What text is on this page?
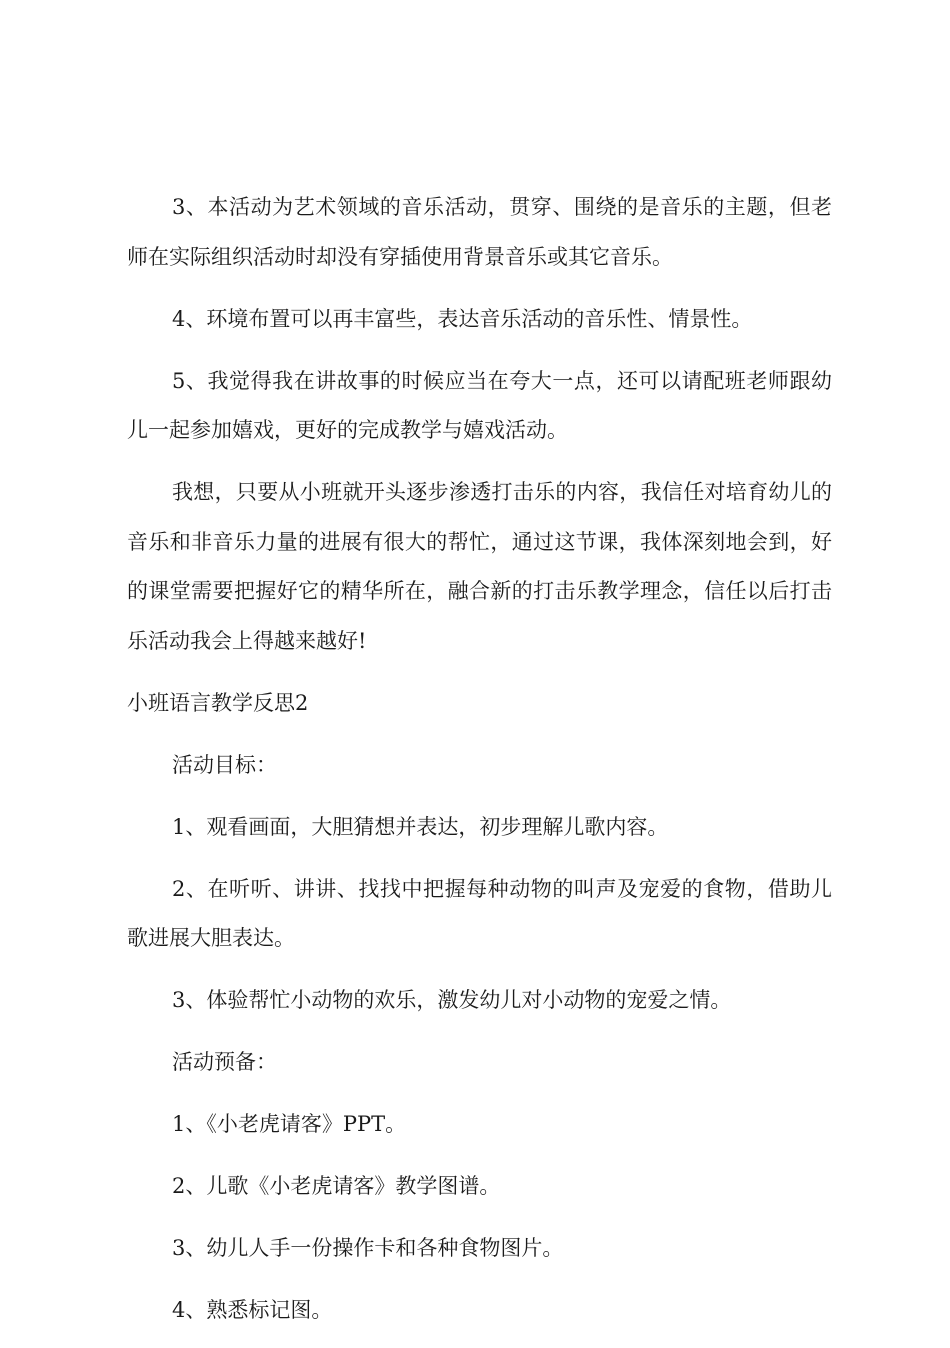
3、本活动为艺术领域的音乐活动，贯穿、围绕的是音乐的主题，但老师在实际组织活动时却没有穿插使用背景音乐或其它音乐。

4、环境布置可以再丰富些，表达音乐活动的音乐性、情景性。

5、我觉得我在讲故事的时候应当在夸大一点，还可以请配班老师跟幼儿一起参加嬉戏，更好的完成教学与嬉戏活动。

我想，只要从小班就开头逐步渗透打击乐的内容，我信任对培育幼儿的音乐和非音乐力量的进展有很大的帮忙，通过这节课，我体深刻地会到，好的课堂需要把握好它的精华所在，融合新的打击乐教学理念，信任以后打击乐活动我会上得越来越好!

小班语言教学反思2

活动目标：

1、观看画面，大胆猜想并表达，初步理解儿歌内容。

2、在听听、讲讲、找找中把握每种动物的叫声及宠爱的食物，借助儿歌进展大胆表达。

3、体验帮忙小动物的欢乐，激发幼儿对小动物的宠爱之情。

活动预备：

1、《小老虎请客》PPT。

2、儿歌《小老虎请客》教学图谱。

3、幼儿人手一份操作卡和各种食物图片。

4、熟悉标记图。
